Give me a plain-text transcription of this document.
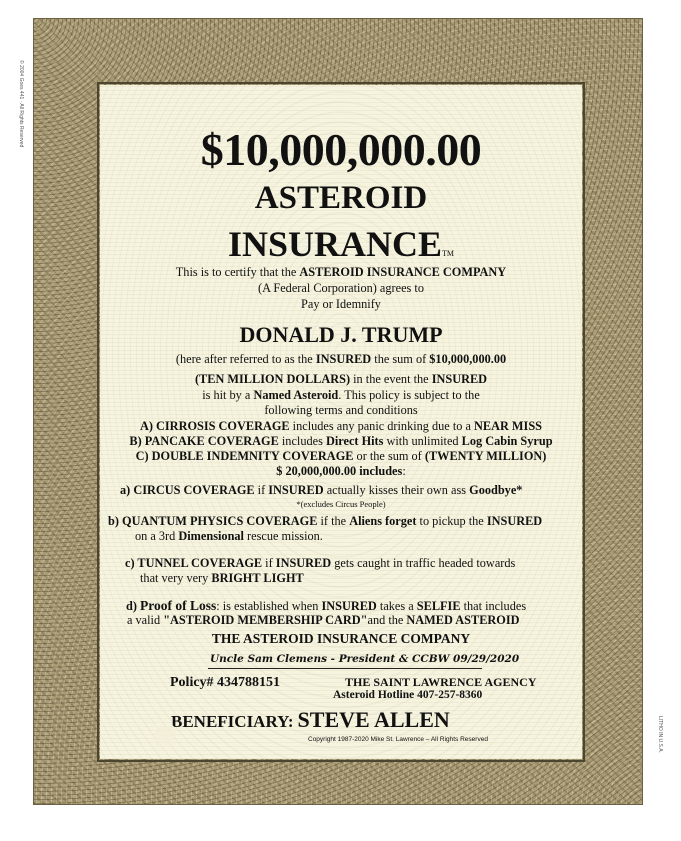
© 2004 Goes 441 · All Rights Reserved
LITHO IN U.S.A.
$10,000,000.00
ASTEROID
INSURANCETM
This is to certify that the ASTEROID INSURANCE COMPANY
(A Federal Corporation) agrees to
Pay or Idemnify
DONALD J. TRUMP
(here after referred to as the INSURED the sum of $10,000,000.00
(TEN MILLION DOLLARS) in the event the INSURED
is hit by a Named Asteroid. This policy is subject to the
following terms and conditions
A) CIRROSIS COVERAGE includes any panic drinking due to a NEAR MISS
B) PANCAKE COVERAGE includes Direct Hits with unlimited Log Cabin Syrup
C) DOUBLE INDEMNITY COVERAGE or the sum of (TWENTY MILLION)
$ 20,000,000.00 includes:
a) CIRCUS COVERAGE if INSURED actually kisses their own ass Goodbye*
*(excludes Circus People)
b) QUANTUM PHYSICS COVERAGE if the Aliens forget to pickup the INSURED
on a 3rd Dimensional rescue mission.
c) TUNNEL COVERAGE if INSURED gets caught in traffic headed towards
that very very BRIGHT LIGHT
d) Proof of Loss: is established when INSURED takes a SELFIE that includes
a valid "ASTEROID MEMBERSHIP CARD"and the NAMED ASTEROID
THE ASTEROID INSURANCE COMPANY
Uncle Sam Clemens - President & CCBW 09/29/2020
Policy# 434788151	THE SAINT LAWRENCE AGENCY
Asteroid Hotline 407-257-8360
BENEFICIARY: STEVE ALLEN
Copyright 1987-2020 Mike St. Lawrence – All Rights Reserved
㵐
